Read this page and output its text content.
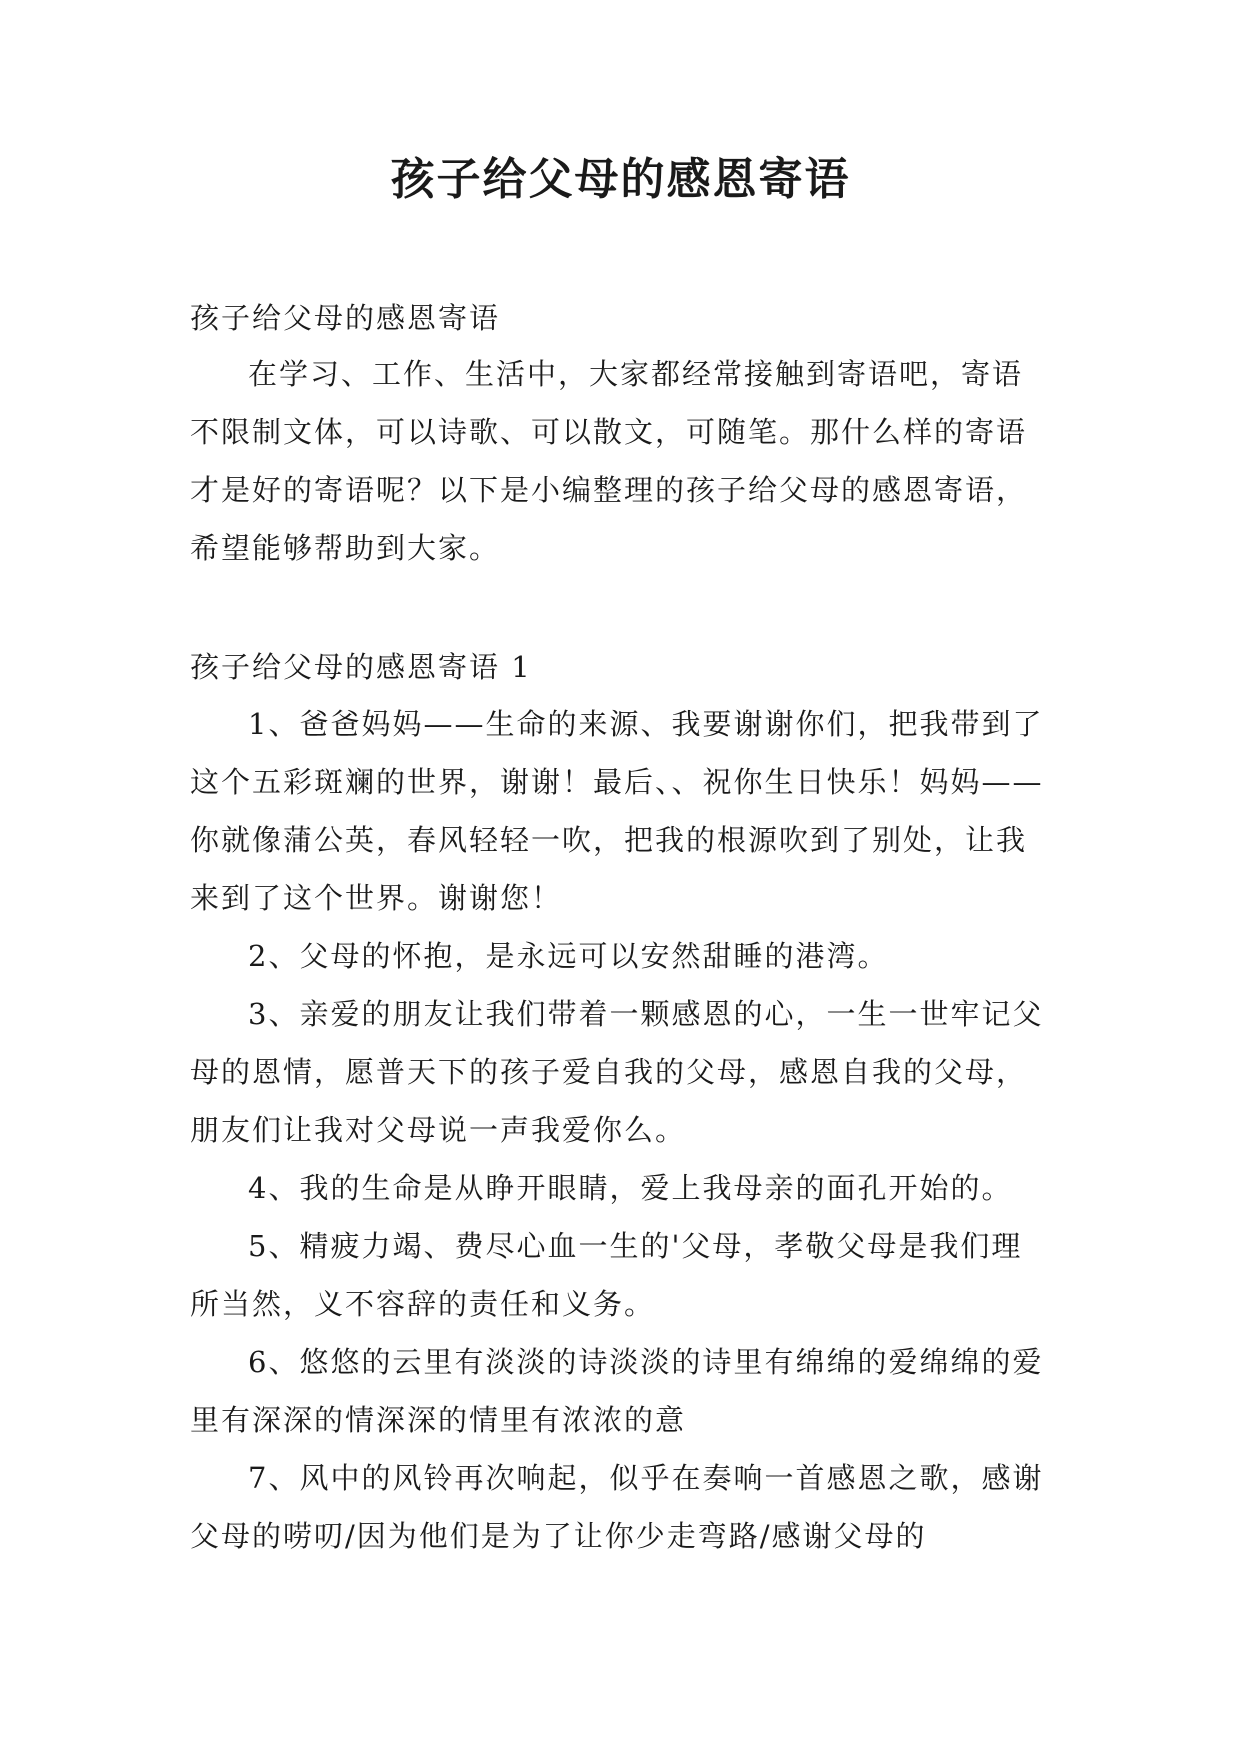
孩子给父母的感恩寄语

孩子给父母的感恩寄语

在学习、工作、生活中，大家都经常接触到寄语吧，寄语不限制文体，可以诗歌、可以散文，可随笔。那什么样的寄语才是好的寄语呢？以下是小编整理的孩子给父母的感恩寄语，希望能够帮助到大家。

孩子给父母的感恩寄语 1

1、爸爸妈妈——生命的来源、我要谢谢你们，把我带到了这个五彩斑斓的世界，谢谢！最后、、祝你生日快乐！妈妈——你就像蒲公英，春风轻轻一吹，把我的根源吹到了别处，让我来到了这个世界。谢谢您！

2、父母的怀抱，是永远可以安然甜睡的港湾。

3、亲爱的朋友让我们带着一颗感恩的心，一生一世牢记父母的恩情，愿普天下的孩子爱自我的父母，感恩自我的父母，朋友们让我对父母说一声我爱你么。

4、我的生命是从睁开眼睛，爱上我母亲的面孔开始的。

5、精疲力竭、费尽心血一生的'父母，孝敬父母是我们理所当然，义不容辞的责任和义务。

6、悠悠的云里有淡淡的诗淡淡的诗里有绵绵的爱绵绵的爱里有深深的情深深的情里有浓浓的意

7、风中的风铃再次响起，似乎在奏响一首感恩之歌，感谢父母的唠叨/因为他们是为了让你少走弯路/感谢父母的
